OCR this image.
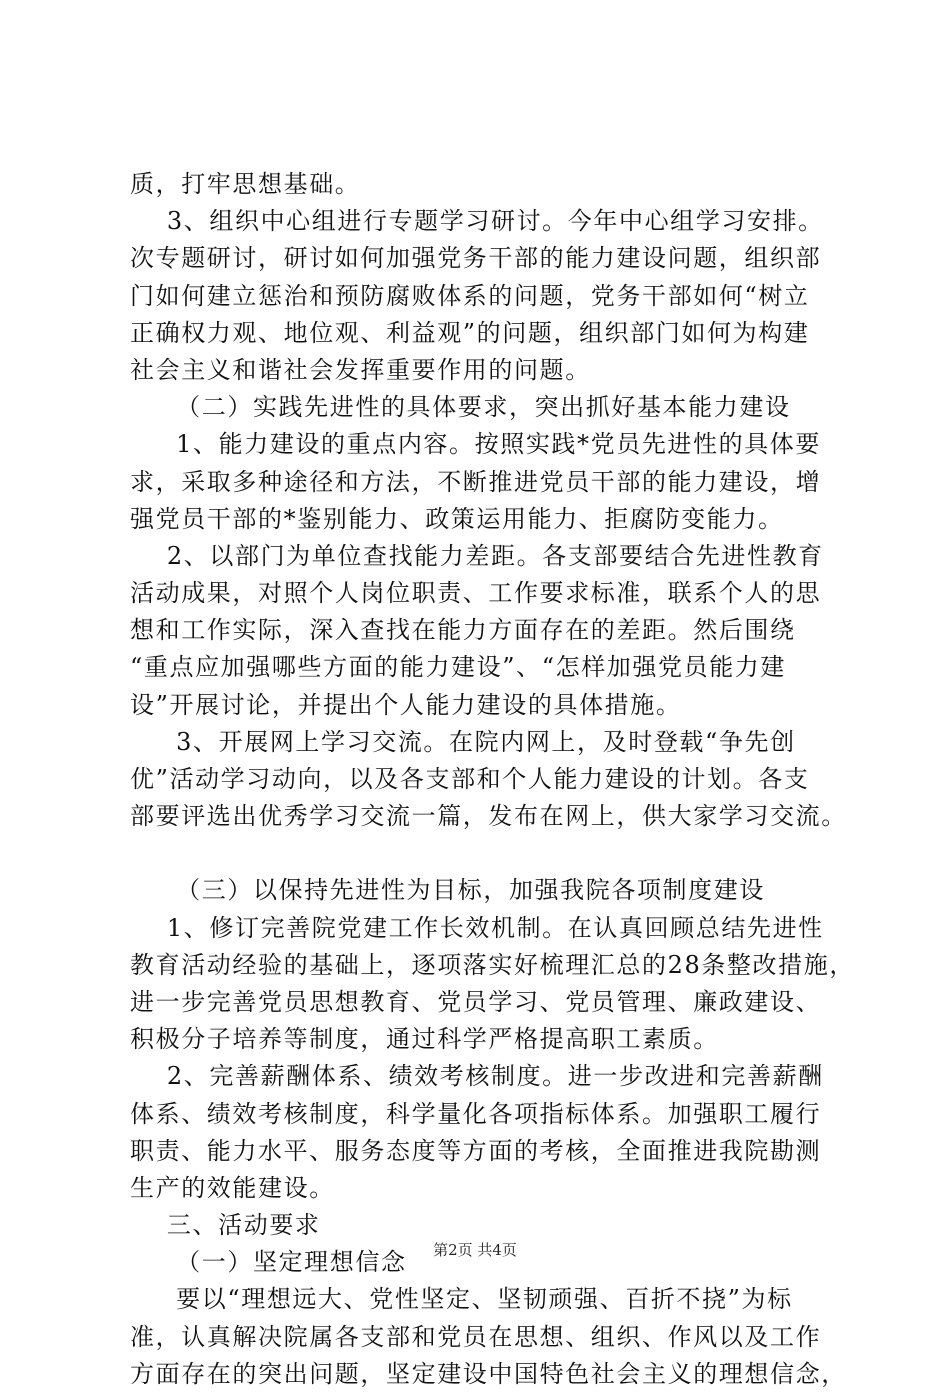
质，打牢思想基础。
3、组织中心组进行专题学习研讨。今年中心组学习安排。
次专题研讨，研讨如何加强党务干部的能力建设问题，组织部
门如何建立惩治和预防腐败体系的问题，党务干部如何“树立
正确权力观、地位观、利益观”的问题，组织部门如何为构建
社会主义和谐社会发挥重要作用的问题。
（二）实践先进性的具体要求，突出抓好基本能力建设
1、能力建设的重点内容。按照实践*党员先进性的具体要
求，采取多种途径和方法，不断推进党员干部的能力建设，增
强党员干部的*鉴别能力、政策运用能力、拒腐防变能力。
2、以部门为单位查找能力差距。各支部要结合先进性教育
活动成果，对照个人岗位职责、工作要求标准，联系个人的思
想和工作实际，深入查找在能力方面存在的差距。然后围绕
“重点应加强哪些方面的能力建设”、“怎样加强党员能力建
设”开展讨论，并提出个人能力建设的具体措施。
3、开展网上学习交流。在院内网上，及时登载“争先创
优”活动学习动向，以及各支部和个人能力建设的计划。各支
部要评选出优秀学习交流一篇，发布在网上，供大家学习交流。
（三）以保持先进性为目标，加强我院各项制度建设
1、修订完善院党建工作长效机制。在认真回顾总结先进性
教育活动经验的基础上，逐项落实好梳理汇总的28条整改措施，
进一步完善党员思想教育、党员学习、党员管理、廉政建设、
积极分子培养等制度，通过科学严格提高职工素质。
2、完善薪酬体系、绩效考核制度。进一步改进和完善薪酬
体系、绩效考核制度，科学量化各项指标体系。加强职工履行
职责、能力水平、服务态度等方面的考核，全面推进我院勘测
生产的效能建设。
三、活动要求
（一）坚定理想信念
要以“理想远大、党性坚定、坚韧顽强、百折不挠”为标
准，认真解决院属各支部和党员在思想、组织、作风以及工作
方面存在的突出问题，坚定建设中国特色社会主义的理想信念，
第2页 共4页
